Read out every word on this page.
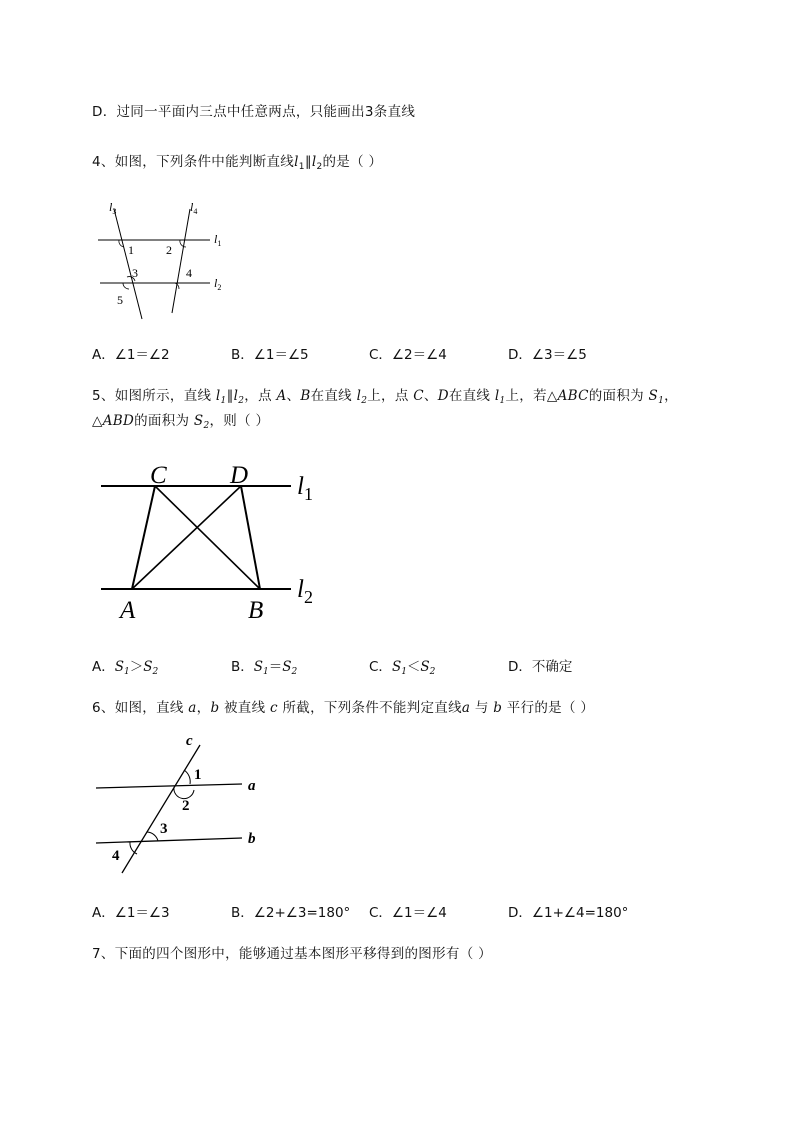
D．过同一平面内三点中任意两点，只能画出3条直线
4、如图，下列条件中能判断直线$l_1\parallel l_2$的是（ ）
$l_3$	$l_4$
$l_1$
$l_2$
1	2
3	4
5
A．∠1＝∠2	B．∠1＝∠5	C．∠2＝∠4	D．∠3＝∠5
5、如图所示，直线 $l_1\parallel l_2$，点 A、B在直线 $l_2$上，点 C、D在直线 $l_1$上，若△ABC的面积为 $S_1$，
△ABD的面积为 $S_2$，则（ ）
C	D
A	B
$l_1$
$l_2$
A．$S_1>S_2$	B．$S_1=S_2$	C．$S_1<S_2$	D．不确定
6、如图，直线 a，b 被直线 c 所截，下列条件不能判定直线a 与 b 平行的是（ ）
c
a
b
1
2
3
4
A．∠1＝∠3	B．∠2+∠3=180° C．∠1＝∠4	D．∠1+∠4=180°
7、下面的四个图形中，能够通过基本图形平移得到的图形有（ ）
